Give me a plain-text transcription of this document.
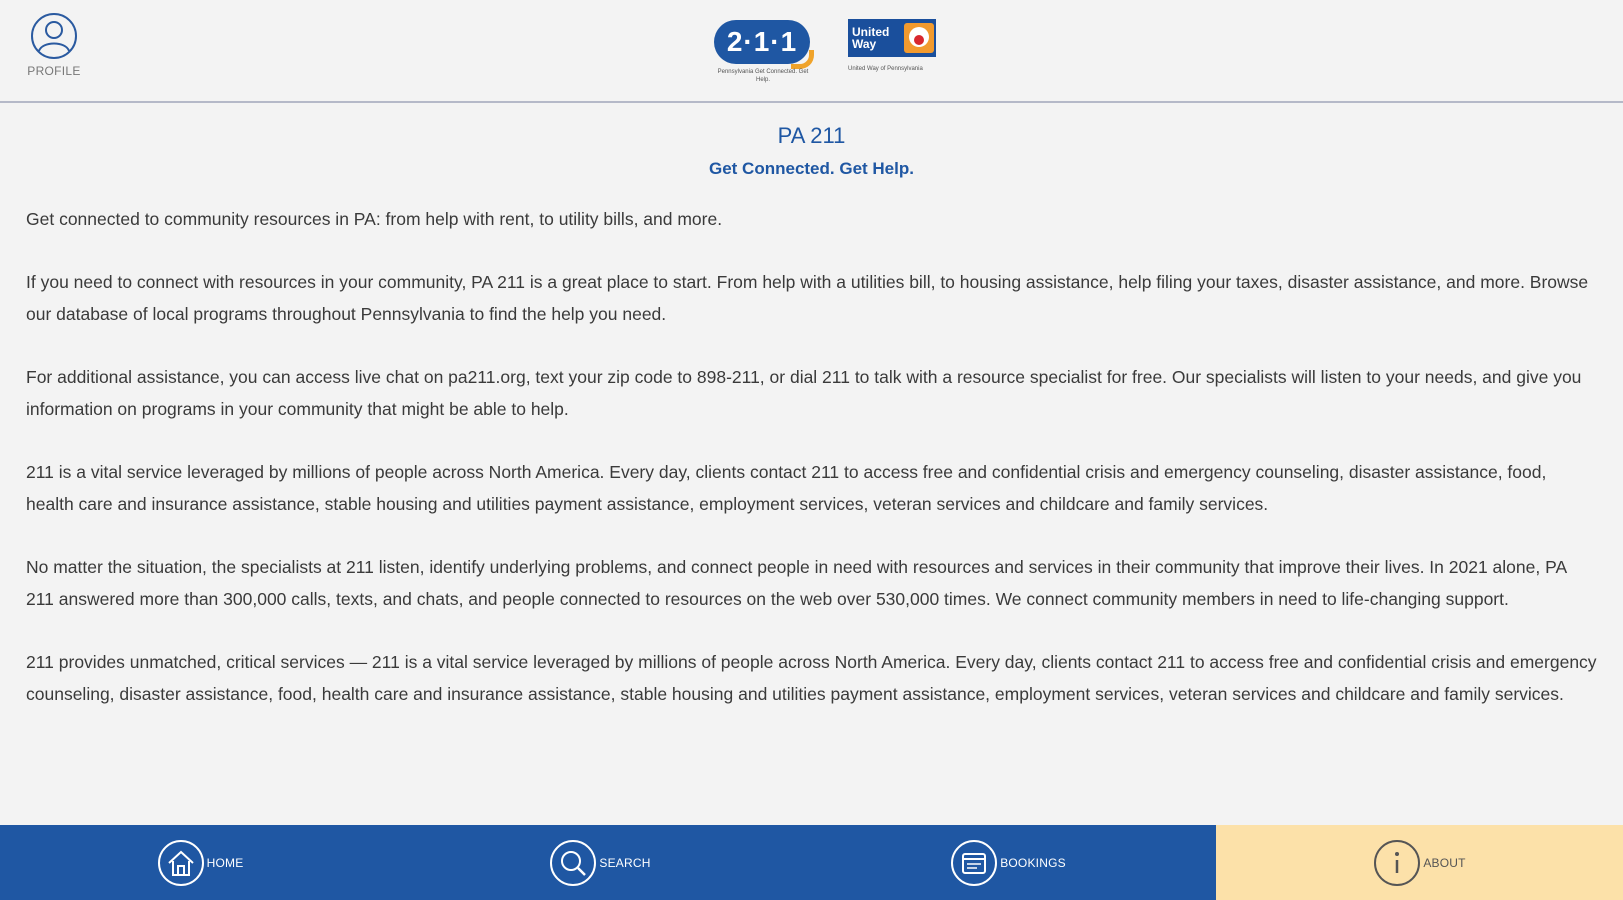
PROFILE
2·1·1
Pennsylvania Get Connected. Get Help.
United Way
United Way of Pennsylvania
PA 211
Get Connected. Get Help.

Get connected to community resources in PA: from help with rent, to utility bills, and more.

If you need to connect with resources in your community, PA 211 is a great place to start. From help with a utilities bill, to housing assistance, help filing your taxes, disaster assistance, and more. Browse our database of local programs throughout Pennsylvania to find the help you need.

For additional assistance, you can access live chat on pa211.org, text your zip code to 898-211, or dial 211 to talk with a resource specialist for free. Our specialists will listen to your needs, and give you information on programs in your community that might be able to help.

211 is a vital service leveraged by millions of people across North America. Every day, clients contact 211 to access free and confidential crisis and emergency counseling, disaster assistance, food, health care and insurance assistance, stable housing and utilities payment assistance, employment services, veteran services and childcare and family services.

No matter the situation, the specialists at 211 listen, identify underlying problems, and connect people in need with resources and services in their community that improve their lives. In 2021 alone, PA 211 answered more than 300,000 calls, texts, and chats, and people connected to resources on the web over 530,000 times. We connect community members in need to life-changing support.

211 provides unmatched, critical services — 211 is a vital service leveraged by millions of people across North America. Every day, clients contact 211 to access free and confidential crisis and emergency counseling, disaster assistance, food, health care and insurance assistance, stable housing and utilities payment assistance, employment services, veteran services and childcare and family services.

HOME	SEARCH	BOOKINGS	ABOUT
